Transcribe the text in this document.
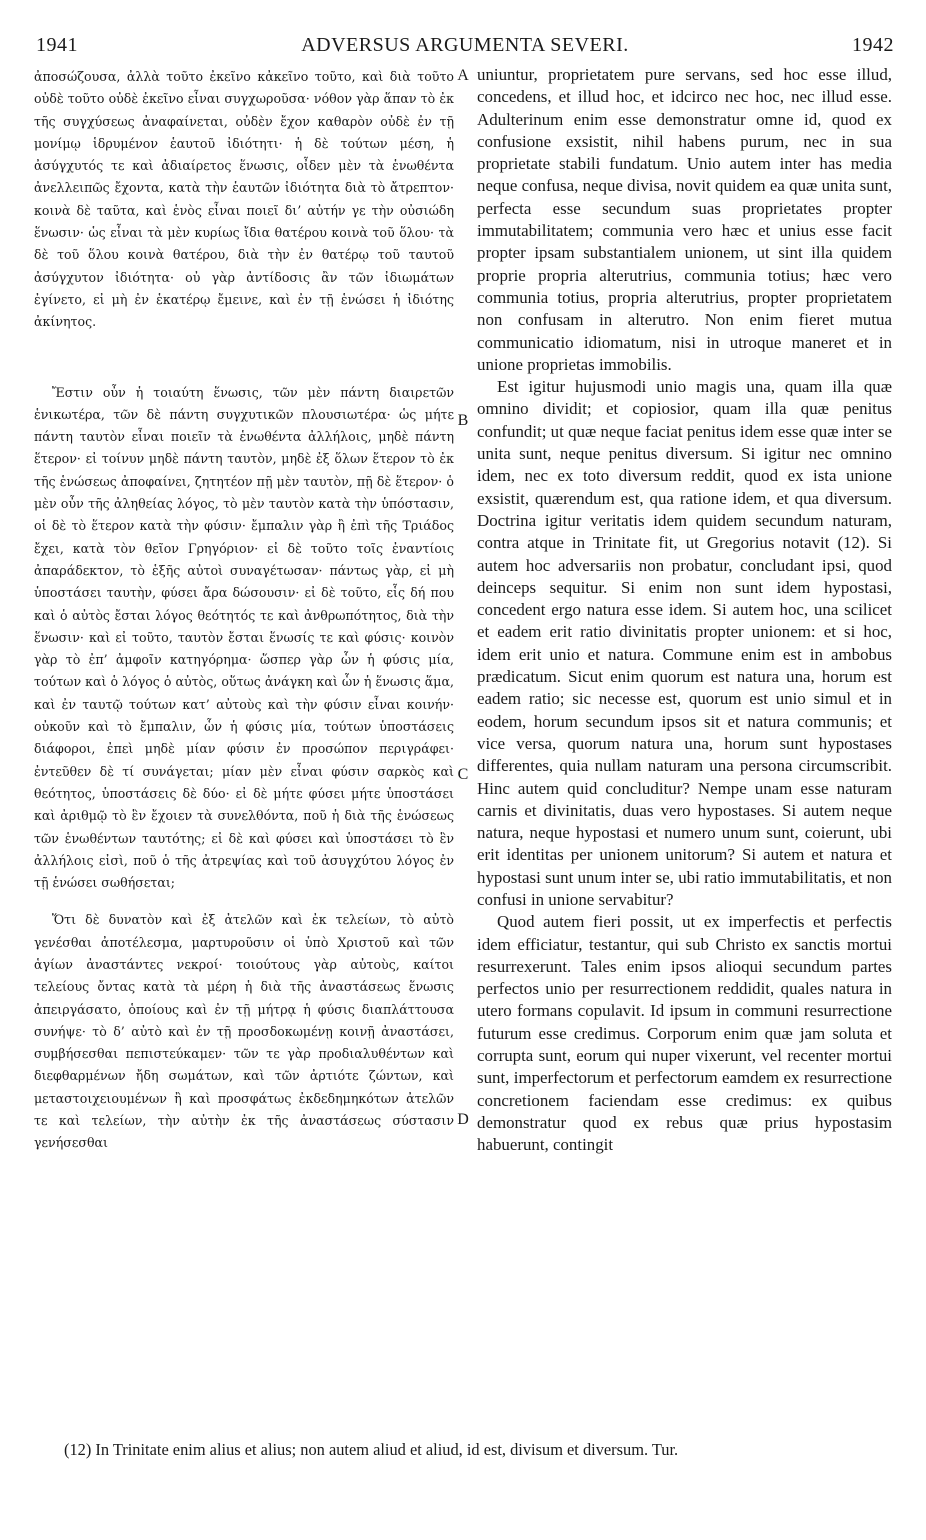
1941	ADVERSUS ARGUMENTA SEVERI.	1942

ἀποσώζουσα, ἀλλὰ τοῦτο ἐκεῖνο κἀκεῖνο τοῦτο, καὶ διὰ τοῦτο οὐδὲ τοῦτο οὐδὲ ἐκεῖνο εἶναι συγχωροῦσα· νόθον γὰρ ἅπαν τὸ ἐκ τῆς συγχύσεως ἀναφαίνεται, οὐδὲν ἔχον καθαρὸν οὐδὲ ἐν τῇ μονίμῳ ἱδρυμένον ἑαυτοῦ ἰδιότητι· ἡ δὲ τούτων μέση, ἡ ἀσύγχυτός τε καὶ ἀδιαίρετος ἕνωσις, οἶδεν μὲν τὰ ἑνωθέντα ἀνελλειπῶς ἔχοντα, κατὰ τὴν ἑαυτῶν ἰδιότητα διὰ τὸ ἄτρεπτον· κοινὰ δὲ ταῦτα, καὶ ἑνὸς εἶναι ποιεῖ δι’ αὐτήν γε τὴν οὐσιώδη ἕνωσιν· ὡς εἶναι τὰ μὲν κυρίως ἴδια θατέρου κοινὰ τοῦ ὅλου· τὰ δὲ τοῦ ὅλου κοινὰ θατέρου, διὰ τὴν ἐν θατέρῳ τοῦ ταυτοῦ ἀσύγχυτον ἰδιότητα· οὐ γὰρ ἀντίδοσις ἂν τῶν ἰδιωμάτων ἐγίνετο, εἰ μὴ ἐν ἑκατέρῳ ἔμεινε, καὶ ἐν τῇ ἑνώσει ἡ ἰδιότης ἀκίνητος.

Ἔστιν οὖν ἡ τοιαύτη ἕνωσις, τῶν μὲν πάντη διαιρετῶν ἑνικωτέρα, τῶν δὲ πάντη συγχυτικῶν πλουσιωτέρα· ὡς μήτε πάντη ταυτὸν εἶναι ποιεῖν τὰ ἑνωθέντα ἀλλήλοις, μηδὲ πάντη ἕτερον· εἰ τοίνυν μηδὲ πάντη ταυτὸν, μηδὲ ἐξ ὅλων ἕτερον τὸ ἐκ τῆς ἑνώσεως ἀποφαίνει, ζητητέον πῇ μὲν ταυτὸν, πῇ δὲ ἕτερον· ὁ μὲν οὖν τῆς ἀληθείας λόγος, τὸ μὲν ταυτὸν κατὰ τὴν ὑπόστασιν, οἱ δὲ τὸ ἕτερον κατὰ τὴν φύσιν· ἔμπαλιν γὰρ ἢ ἐπὶ τῆς Τριάδος ἔχει, κατὰ τὸν θεῖον Γρηγόριον· εἰ δὲ τοῦτο τοῖς ἐναντίοις ἀπαράδεκτον, τὸ ἑξῆς αὐτοὶ συναγέτωσαν· πάντως γὰρ, εἰ μὴ ὑποστάσει ταυτὴν, φύσει ἄρα δώσουσιν· εἰ δὲ τοῦτο, εἷς δή που καὶ ὁ αὐτὸς ἔσται λόγος θεότητός τε καὶ ἀνθρωπότητος, διὰ τὴν ἕνωσιν· καὶ εἰ τοῦτο, ταυτὸν ἔσται ἕνωσίς τε καὶ φύσις· κοινὸν γὰρ τὸ ἐπ’ ἀμφοῖν κατηγόρημα· ὥσπερ γὰρ ὧν ἡ φύσις μία, τούτων καὶ ὁ λόγος ὁ αὐτὸς, οὕτως ἀνάγκη καὶ ὧν ἡ ἕνωσις ἅμα, καὶ ἐν ταυτῷ τούτων κατ’ αὐτοὺς καὶ τὴν φύσιν εἶναι κοινήν· οὐκοῦν καὶ τὸ ἔμπαλιν, ὧν ἡ φύσις μία, τούτων ὑποστάσεις διάφοροι, ἐπεὶ μηδὲ μίαν φύσιν ἐν προσώπον περιγράφει· ἐντεῦθεν δὲ τί συνάγεται; μίαν μὲν εἶναι φύσιν σαρκὸς καὶ θεότητος, ὑποστάσεις δὲ δύο· εἰ δὲ μήτε φύσει μήτε ὑποστάσει καὶ ἀριθμῷ τὸ ἓν ἔχοιεν τὰ συνελθόντα, ποῦ ἡ διὰ τῆς ἑνώσεως τῶν ἑνωθέντων ταυτότης; εἰ δὲ καὶ φύσει καὶ ὑποστάσει τὸ ἓν ἀλλήλοις εἰσὶ, ποῦ ὁ τῆς ἀτρεψίας καὶ τοῦ ἀσυγχύτου λόγος ἐν τῇ ἑνώσει σωθήσεται;

Ὅτι δὲ δυνατὸν καὶ ἐξ ἀτελῶν καὶ ἐκ τελείων, τὸ αὐτὸ γενέσθαι ἀποτέλεσμα, μαρτυροῦσιν οἱ ὑπὸ Χριστοῦ καὶ τῶν ἁγίων ἀναστάντες νεκροί· τοιούτους γὰρ αὐτοὺς, καίτοι τελείους ὄντας κατὰ τὰ μέρη ἡ διὰ τῆς ἀναστάσεως ἕνωσις ἀπειργάσατο, ὁποίους καὶ ἐν τῇ μήτρᾳ ἡ φύσις διαπλάττουσα συνήψε· τὸ δ’ αὐτὸ καὶ ἐν τῇ προσδοκωμένῃ κοινῇ ἀναστάσει, συμβήσεσθαι πεπιστεύκαμεν· τῶν τε γὰρ προδιαλυθέντων καὶ διεφθαρμένων ἤδη σωμάτων, καὶ τῶν ἀρτιότε ζώντων, καὶ μεταστοιχειουμένων ἢ καὶ προσφάτως ἐκδεδημηκότων ἀτελῶν τε καὶ τελείων, τὴν αὐτὴν ἐκ τῆς ἀναστάσεως σύστασιν γενήσεσθαι

A
B
C
D

uniuntur, proprietatem pure servans, sed hoc esse illud, concedens, et illud hoc, et idcirco nec hoc, nec illud esse. Adulterinum enim esse demonstratur omne id, quod ex confusione exsistit, nihil habens purum, nec in sua proprietate stabili fundatum. Unio autem inter has media neque confusa, neque divisa, novit quidem ea quæ unita sunt, perfecta esse secundum suas proprietates propter immutabilitatem; communia vero hæc et unius esse facit propter ipsam substantialem unionem, ut sint illa quidem proprie propria alterutrius, communia totius; hæc vero communia totius, propria alterutrius, propter proprietatem non confusam in alterutro. Non enim fieret mutua communicatio idiomatum, nisi in utroque maneret et in unione proprietas immobilis.

Est igitur hujusmodi unio magis una, quam illa quæ omnino dividit; et copiosior, quam illa quæ penitus confundit; ut quæ neque faciat penitus idem esse quæ inter se unita sunt, neque penitus diversum. Si igitur nec omnino idem, nec ex toto diversum reddit, quod ex ista unione exsistit, quærendum est, qua ratione idem, et qua diversum. Doctrina igitur veritatis idem quidem secundum naturam, contra atque in Trinitate fit, ut Gregorius notavit (12). Si autem hoc adversariis non probatur, concludant ipsi, quod deinceps sequitur. Si enim non sunt idem hypostasi, concedent ergo natura esse idem. Si autem hoc, una scilicet et eadem erit ratio divinitatis propter unionem: et si hoc, idem erit unio et natura. Commune enim est in ambobus prædicatum. Sicut enim quorum est natura una, horum est eadem ratio; sic necesse est, quorum est unio simul et in eodem, horum secundum ipsos sit et natura communis; et vice versa, quorum natura una, horum sunt hypostases differentes, quia nullam naturam una persona circumscribit. Hinc autem quid concluditur? Nempe unam esse naturam carnis et divinitatis, duas vero hypostases. Si autem neque natura, neque hypostasi et numero unum sunt, coierunt, ubi erit identitas per unionem unitorum? Si autem et natura et hypostasi sunt unum inter se, ubi ratio immutabilitatis, et non confusi in unione servabitur?

Quod autem fieri possit, ut ex imperfectis et perfectis idem efficiatur, testantur, qui sub Christo ex sanctis mortui resurrexerunt. Tales enim ipsos alioqui secundum partes perfectos unio per resurrectionem reddidit, quales natura in utero formans copulavit. Id ipsum in communi resurrectione futurum esse credimus. Corporum enim quæ jam soluta et corrupta sunt, eorum qui nuper vixerunt, vel recenter mortui sunt, imperfectorum et perfectorum eamdem ex resurrectione concretionem faciendam esse credimus: ex quibus demonstratur quod ex rebus quæ prius hypostasim habuerunt, contingit

(12) In Trinitate enim alius et alius; non autem aliud et aliud, id est, divisum et diversum. Tur.
